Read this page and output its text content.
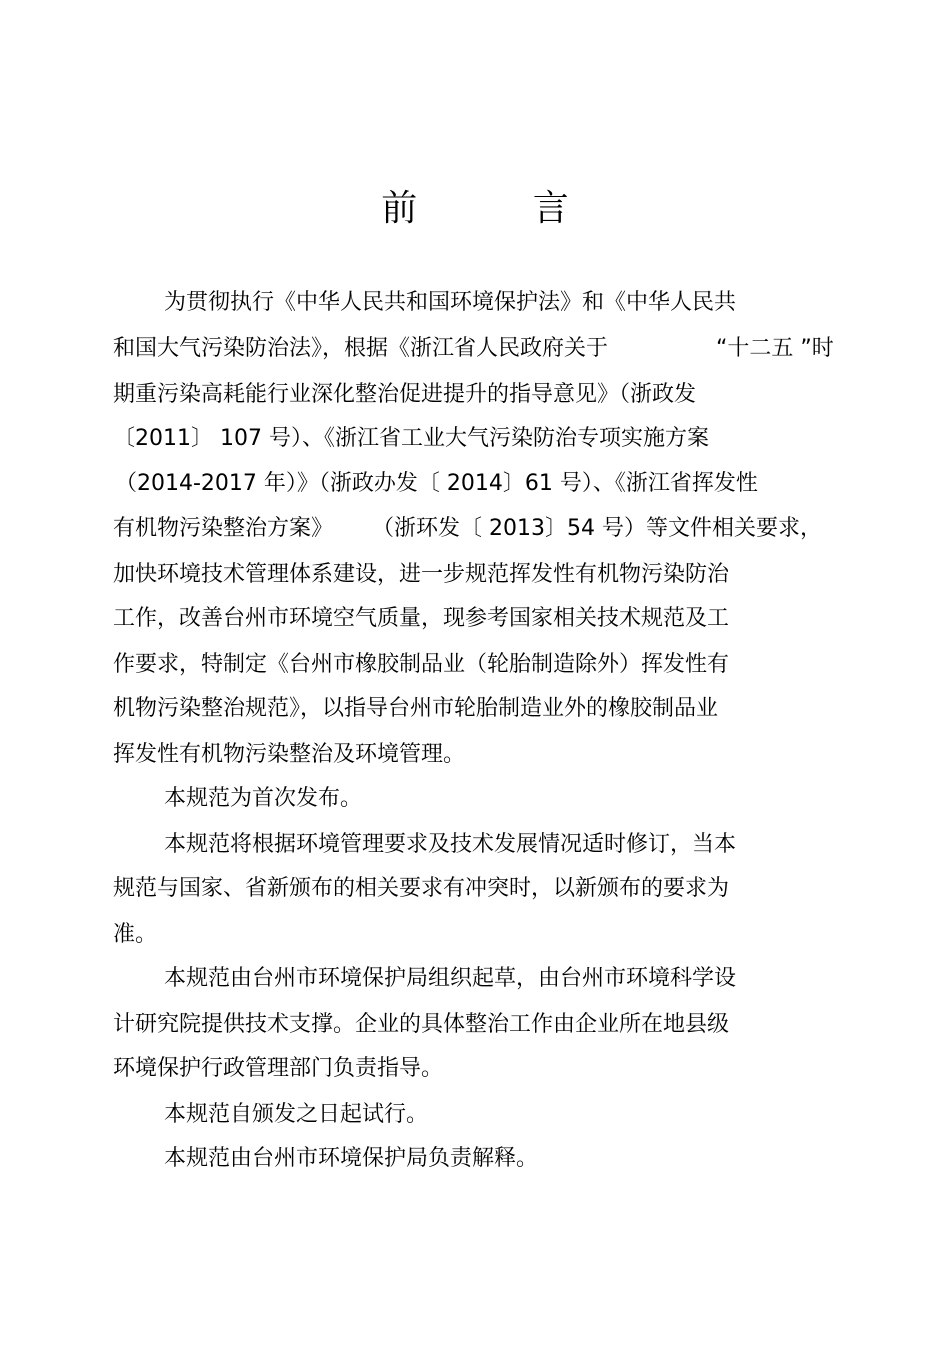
前 言
为贯彻执行《中华人民共和国环境保护法》和《中华人民共
和国大气污染防治法》，根据《浙江省人民政府关于	“十二五 ”时
期重污染高耗能行业深化整治促进提升的指导意见》（浙政发
〔2011〕 107 号）、《浙江省工业大气污染防治专项实施方案
（2014-2017 年）》（浙政办发〔 2014〕61 号）、《浙江省挥发性
有机物污染整治方案》 （浙环发〔 2013〕54 号）等文件相关要求，
加快环境技术管理体系建设，进一步规范挥发性有机物污染防治
工作，改善台州市环境空气质量，现参考国家相关技术规范及工
作要求，特制定《台州市橡胶制品业（轮胎制造除外）挥发性有
机物污染整治规范》，以指导台州市轮胎制造业外的橡胶制品业
挥发性有机物污染整治及环境管理。
本规范为首次发布。
本规范将根据环境管理要求及技术发展情况适时修订，当本
规范与国家、省新颁布的相关要求有冲突时，以新颁布的要求为
准。
本规范由台州市环境保护局组织起草，由台州市环境科学设
计研究院提供技术支撑。企业的具体整治工作由企业所在地县级
环境保护行政管理部门负责指导。
本规范自颁发之日起试行。
本规范由台州市环境保护局负责解释。
